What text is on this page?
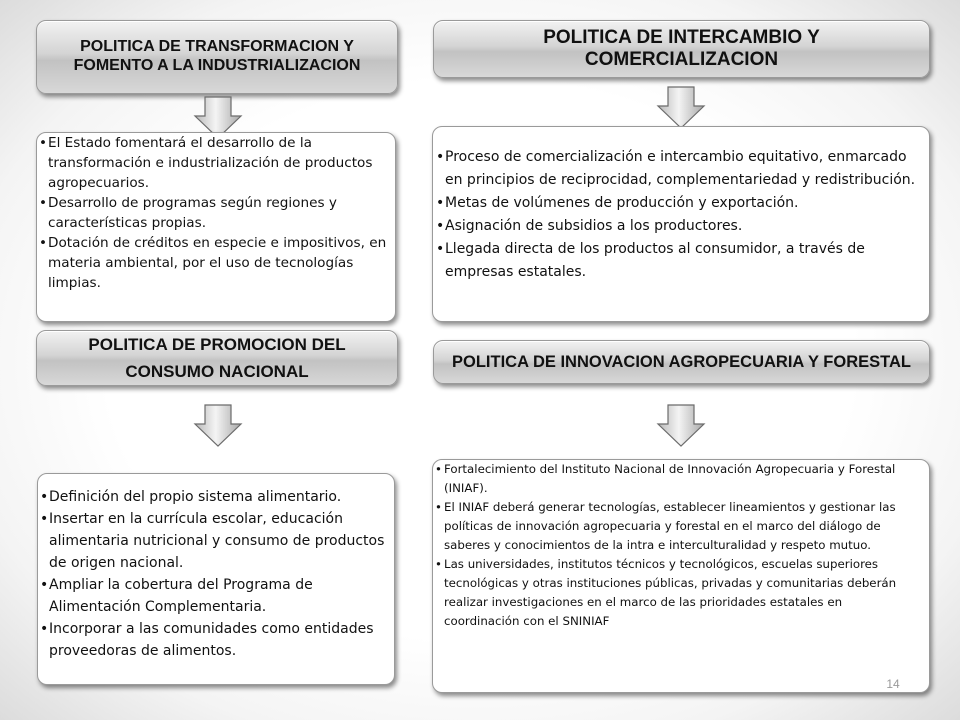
POLITICA DE TRANSFORMACION Y FOMENTO A LA INDUSTRIALIZACION
POLITICA DE INTERCAMBIO Y COMERCIALIZACION
• El Estado fomentará el desarrollo de la transformación e industrialización de productos agropecuarios.
• Desarrollo de programas según regiones y características propias.
• Dotación de créditos en especie e impositivos, en materia ambiental, por el uso de tecnologías limpias.
• Proceso de comercialización e intercambio equitativo, enmarcado en principios de reciprocidad, complementariedad y redistribución.
• Metas de volúmenes de producción y exportación.
• Asignación de subsidios a los productores.
• Llegada directa de los productos al consumidor, a través de empresas estatales.
POLITICA DE PROMOCION DEL CONSUMO NACIONAL
POLITICA DE INNOVACION AGROPECUARIA Y FORESTAL
• Definición del propio sistema alimentario.
• Insertar en la currícula escolar, educación alimentaria nutricional y consumo de productos de origen nacional.
• Ampliar la cobertura del Programa de Alimentación Complementaria.
• Incorporar a las comunidades como entidades proveedoras de alimentos.
• Fortalecimiento del Instituto Nacional de Innovación Agropecuaria y Forestal (INIAF).
• El INIAF deberá generar tecnologías, establecer lineamientos y gestionar las políticas de innovación agropecuaria y forestal en el marco del diálogo de saberes y conocimientos de la intra e interculturalidad y respeto mutuo.
• Las universidades, institutos técnicos y tecnológicos, escuelas superiores tecnológicas y otras instituciones públicas, privadas y comunitarias deberán realizar investigaciones en el marco de las prioridades estatales en coordinación con el SNINIAF
14
